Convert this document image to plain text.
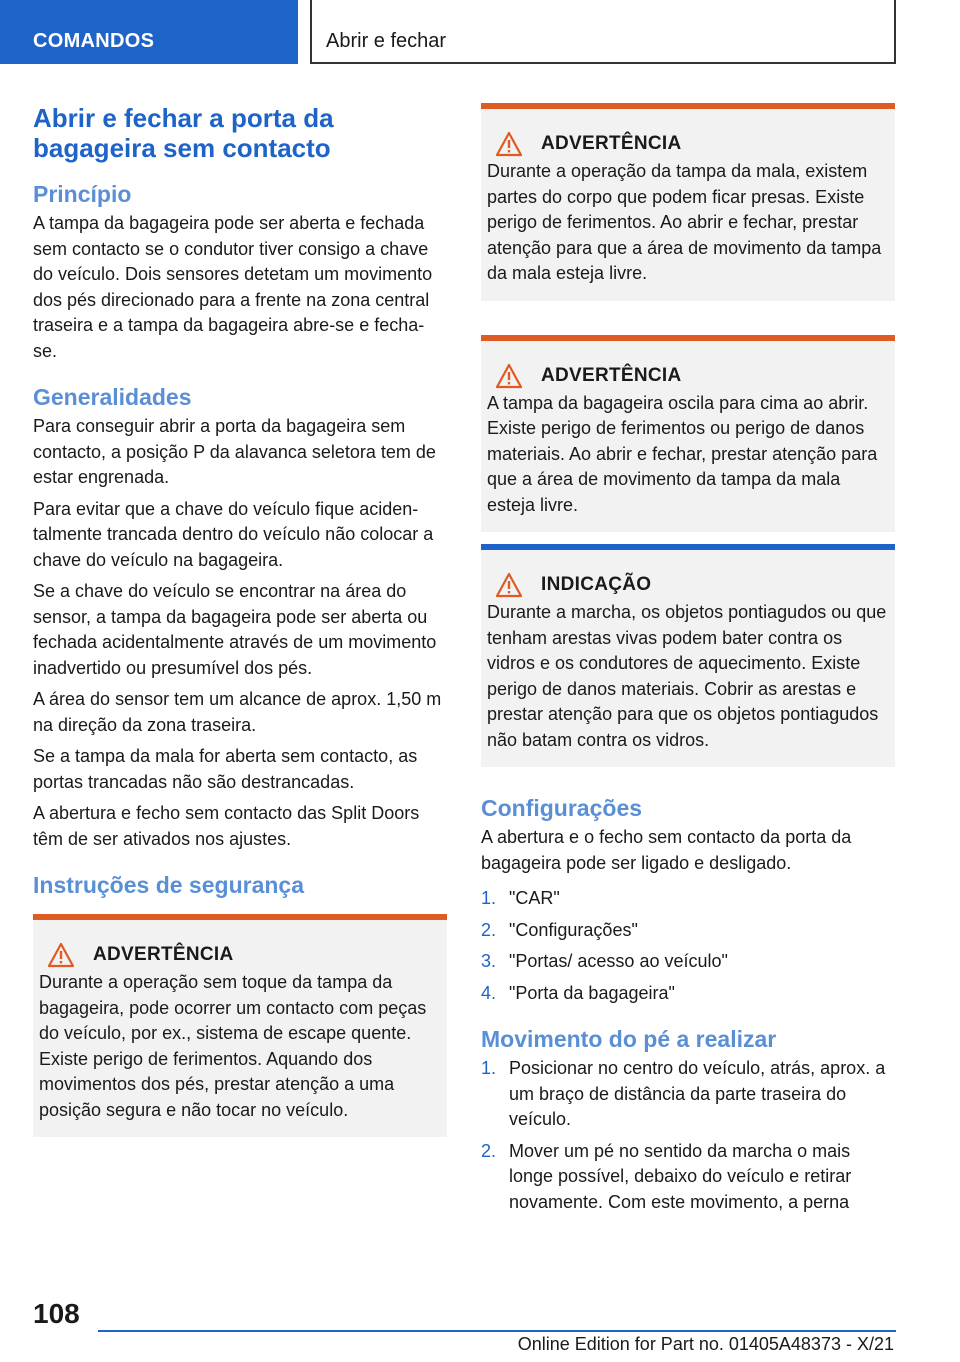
COMANDOS	Abrir e fechar
Abrir e fechar a porta da bagageira sem contacto
Princípio

A tampa da bagageira pode ser aberta e fechada sem contacto se o condutor tiver consigo a chave do veículo. Dois sensores detetam um movimento dos pés direcionado para a frente na zona central traseira e a tampa da bagageira abre-se e fecha-se.

Generalidades

Para conseguir abrir a porta da bagageira sem contacto, a posição P da alavanca seletora tem de estar engrenada.

Para evitar que a chave do veículo fique acidentalmente trancada dentro do veículo não colocar a chave do veículo na bagageira.

Se a chave do veículo se encontrar na área do sensor, a tampa da bagageira pode ser aberta ou fechada acidentalmente através de um movimento inadvertido ou presumível dos pés.

A área do sensor tem um alcance de aprox. 1,50 m na direção da zona traseira.

Se a tampa da mala for aberta sem contacto, as portas trancadas não são destrancadas.

A abertura e fecho sem contacto das Split Doors têm de ser ativados nos ajustes.

Instruções de segurança
ADVERTÊNCIA
Durante a operação sem toque da tampa da bagageira, pode ocorrer um contacto com peças do veículo, por ex., sistema de escape quente. Existe perigo de ferimentos. Aquando dos movimentos dos pés, prestar atenção a uma posição segura e não tocar no veículo.
ADVERTÊNCIA
Durante a operação da tampa da mala, existem partes do corpo que podem ficar presas. Existe perigo de ferimentos. Ao abrir e fechar, prestar atenção para que a área de movimento da tampa da mala esteja livre.
ADVERTÊNCIA
A tampa da bagageira oscila para cima ao abrir. Existe perigo de ferimentos ou perigo de danos materiais. Ao abrir e fechar, prestar atenção para que a área de movimento da tampa da mala esteja livre.
INDICAÇÃO
Durante a marcha, os objetos pontiagudos ou que tenham arestas vivas podem bater contra os vidros e os condutores de aquecimento. Existe perigo de danos materiais. Cobrir as arestas e prestar atenção para que os objetos pontiagudos não batam contra os vidros.
Configurações

A abertura e o fecho sem contacto da porta da bagageira pode ser ligado e desligado.

1. "CAR"
2. "Configurações"
3. "Portas/ acesso ao veículo"
4. "Porta da bagageira"
Movimento do pé a realizar
1. Posicionar no centro do veículo, atrás, aprox. a um braço de distância da parte traseira do veículo.
2. Mover um pé no sentido da marcha o mais longe possível, debaixo do veículo e retirar novamente. Com este movimento, a perna
108
Online Edition for Part no. 01405A48373 - X/21
